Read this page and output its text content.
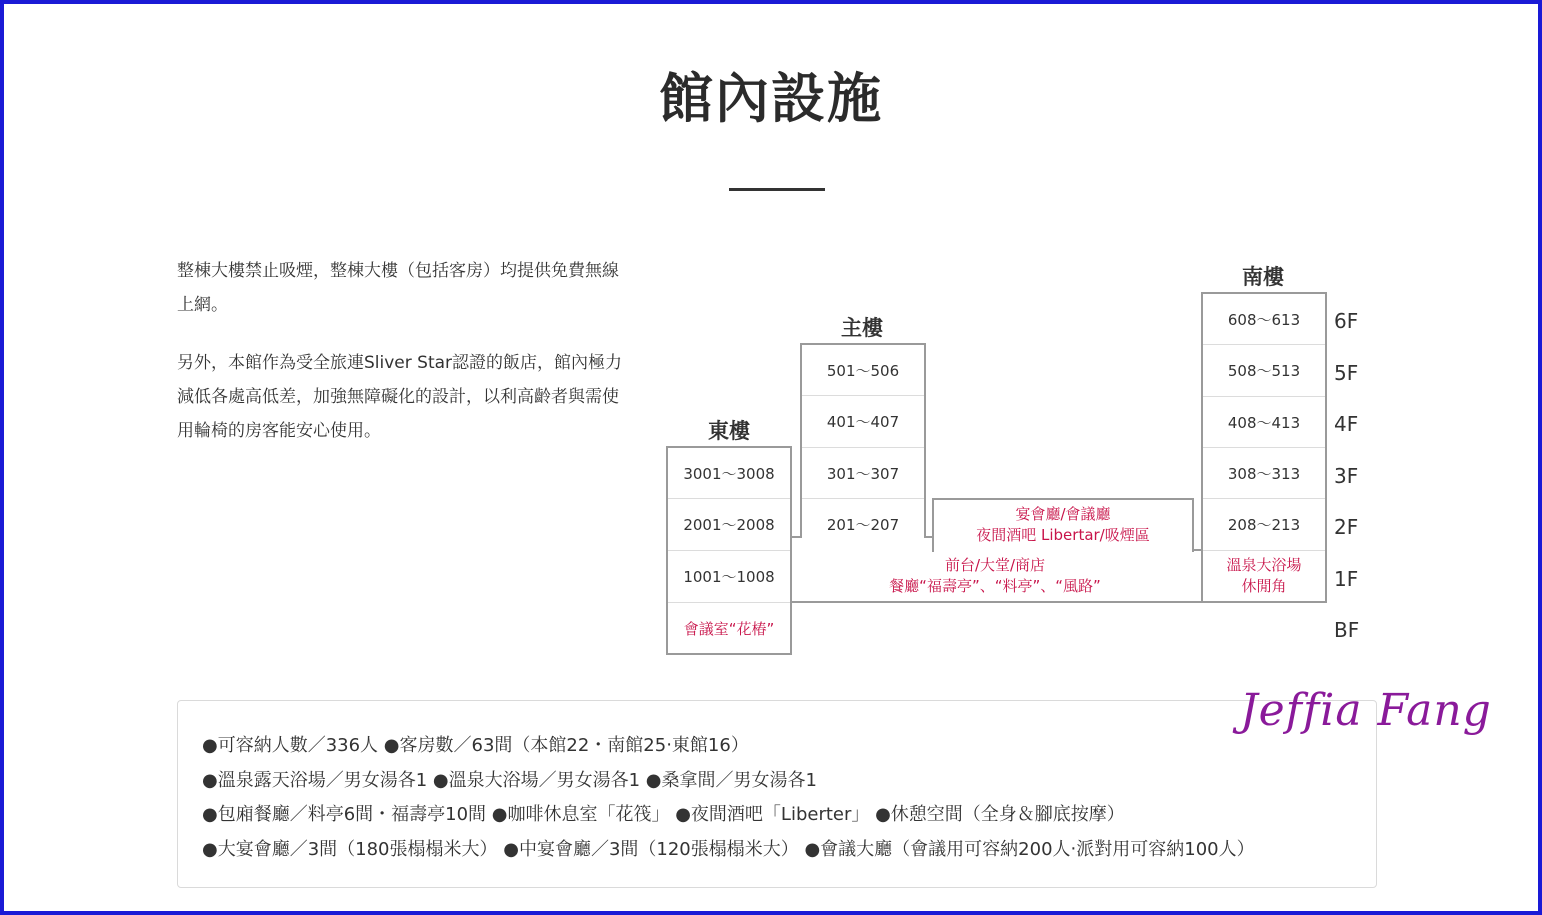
館內設施

整棟大樓禁止吸煙，整棟大樓（包括客房）均提供免費無線上網。

另外，本館作為受全旅連Sliver Star認證的飯店，館內極力減低各處高低差，加強無障礙化的設計，以利高齡者與需使用輪椅的房客能安心使用。	東樓
主樓
南樓
3001～3008
2001～2008
1001～1008
會議室“花椿”
501～506
401～407
301～307
201～207
608～613
508～513
408～413
308～313
208～213
溫泉大浴場
休閒角
宴會廳/會議廳
夜間酒吧 Libertar/吸煙區
前台/大堂/商店
餐廳“福壽亭”、“料亭”、“風路”
6F
5F
4F
3F
2F
1F
BF
●可容納人數／336人 ●客房數／63間（本館22・南館25‧東館16）
●溫泉露天浴場／男女湯各1 ●溫泉大浴場／男女湯各1 ●桑拿間／男女湯各1
●包廂餐廳／料亭6間・福壽亭10間 ●咖啡休息室「花筏」 ●夜間酒吧「Liberter」 ●休憩空間（全身＆腳底按摩）
●大宴會廳／3間（180張榻榻米大） ●中宴會廳／3間（120張榻榻米大） ●會議大廳（會議用可容納200人‧派對用可容納100人）
Jeffia Fang
